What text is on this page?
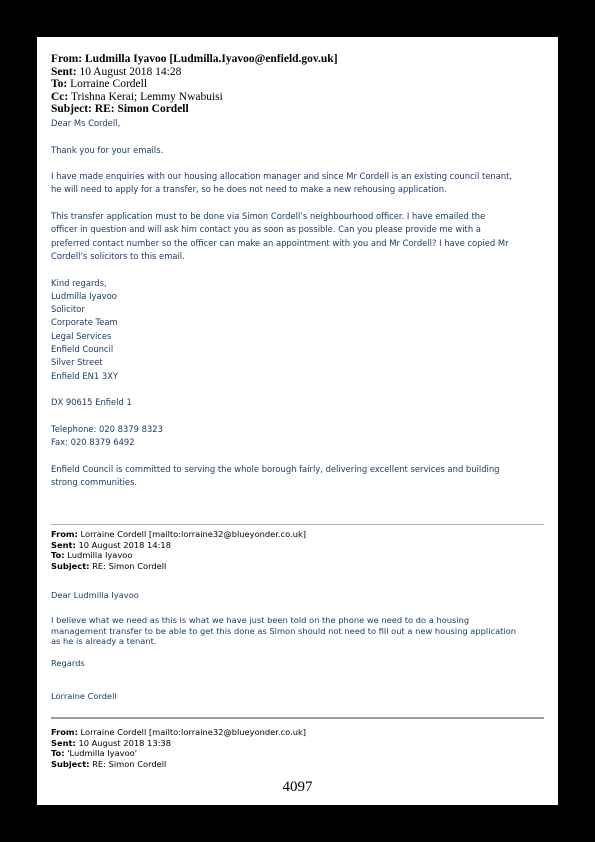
From: Ludmilla Iyavoo [Ludmilla.Iyavoo@enfield.gov.uk]
Sent: 10 August 2018 14:28
To: Lorraine Cordell
Cc: Trishna Kerai; Lemmy Nwabuisi
Subject: RE: Simon Cordell

Dear Ms Cordell,

Thank you for your emails.

I have made enquiries with our housing allocation manager and since Mr Cordell is an existing council tenant,

he will need to apply for a transfer, so he does not need to make a new rehousing application.

This transfer application must to be done via Simon Cordell’s neighbourhood officer. I have emailed the

officer in question and will ask him contact you as soon as possible. Can you please provide me with a

preferred contact number so the officer can make an appointment with you and Mr Cordell? I have copied Mr

Cordell’s solicitors to this email.

Kind regards,

Ludmilla Iyavoo

Solicitor

Corporate Team

Legal Services

Enfield Council

Silver Street

Enfield EN1 3XY

DX 90615 Enfield 1

Telephone: 020 8379 8323

Fax: 020 8379 6492

Enfield Council is committed to serving the whole borough fairly, delivering excellent services and building

strong communities.

From: Lorraine Cordell [mailto:lorraine32@blueyonder.co.uk]
Sent: 10 August 2018 14:18
To: Ludmilla Iyavoo
Subject: RE: Simon Cordell

Dear Ludmilla Iyavoo

I believe what we need as this is what we have just been told on the phone we need to do a housing

management transfer to be able to get this done as Simon should not need to fill out a new housing application

as he is already a tenant.

Regards

Lorraine Cordell

From: Lorraine Cordell [mailto:lorraine32@blueyonder.co.uk]
Sent: 10 August 2018 13:38
To: 'Ludmilla Iyavoo'
Subject: RE: Simon Cordell
4097
